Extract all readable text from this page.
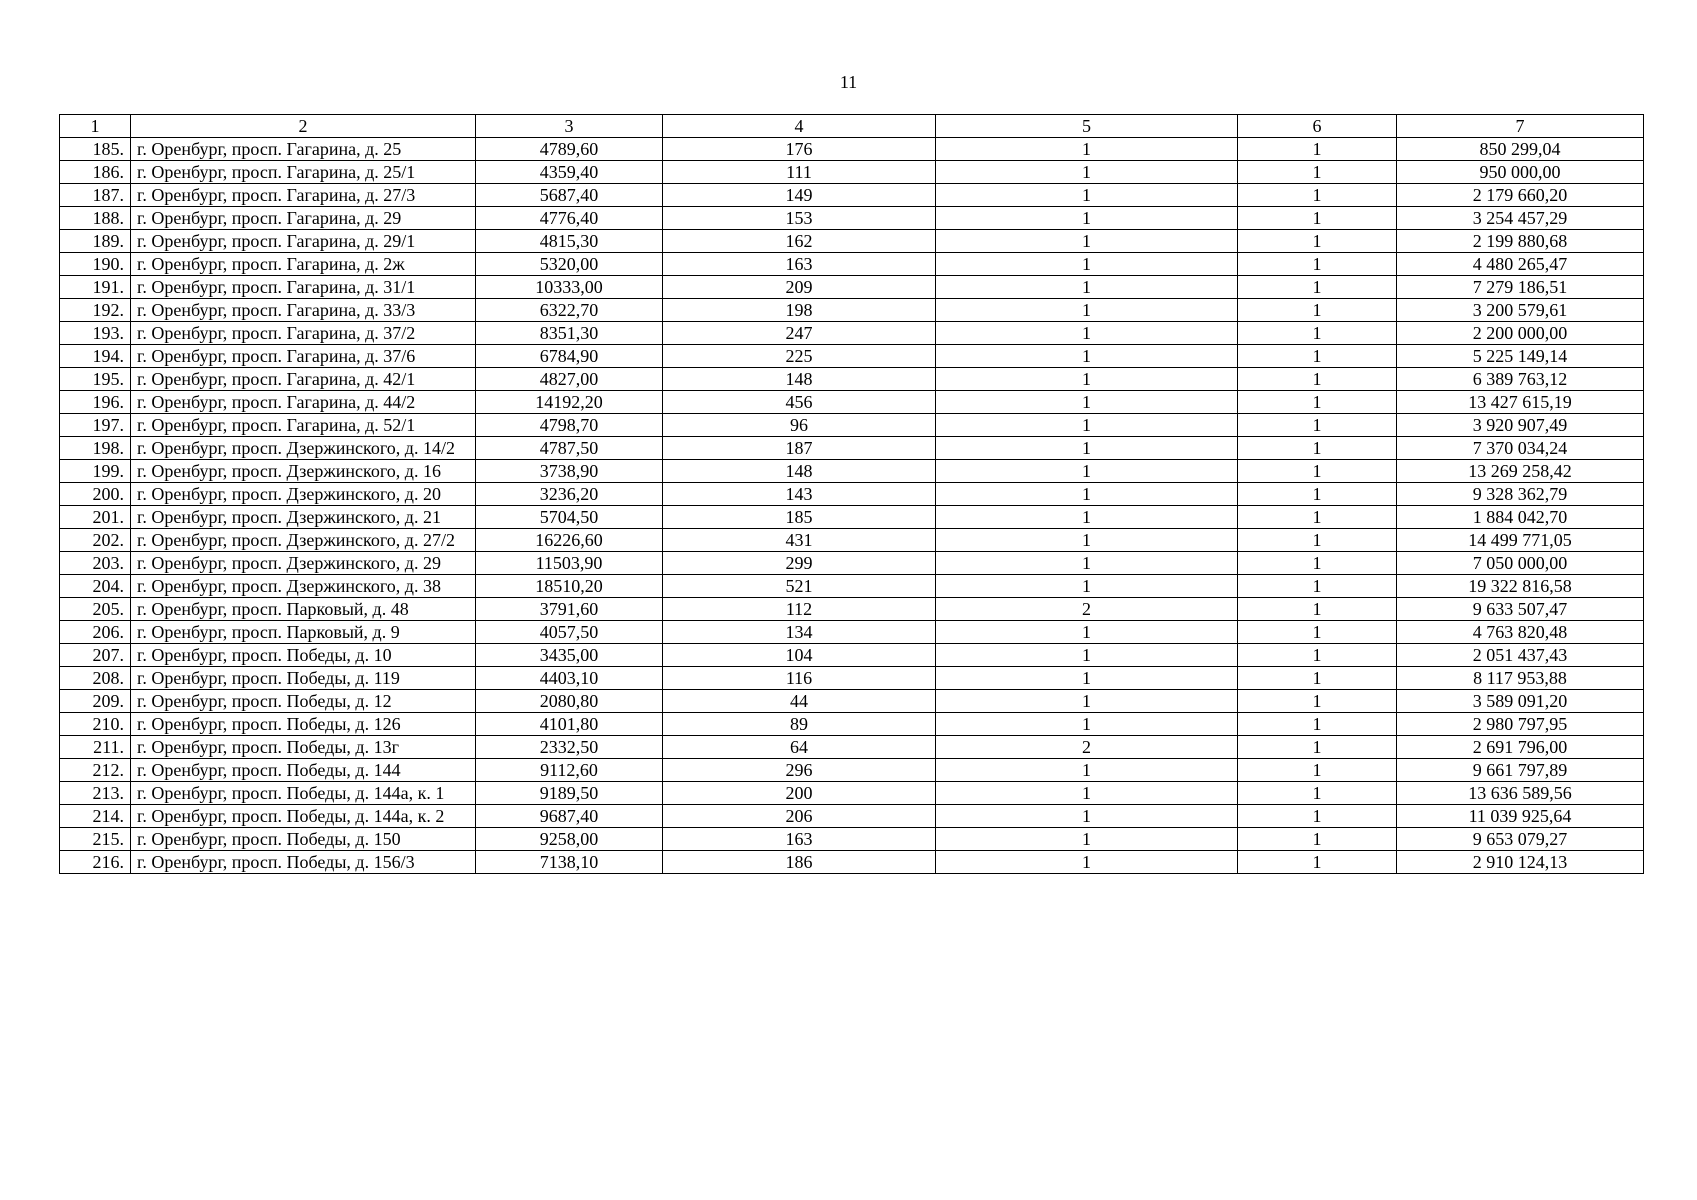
11
1	2	3	4	5	6	7
185.	г. Оренбург, просп. Гагарина, д. 25	4789,60	176	1	1	850 299,04
186.	г. Оренбург, просп. Гагарина, д. 25/1	4359,40	111	1	1	950 000,00
187.	г. Оренбург, просп. Гагарина, д. 27/3	5687,40	149	1	1	2 179 660,20
188.	г. Оренбург, просп. Гагарина, д. 29	4776,40	153	1	1	3 254 457,29
189.	г. Оренбург, просп. Гагарина, д. 29/1	4815,30	162	1	1	2 199 880,68
190.	г. Оренбург, просп. Гагарина, д. 2ж	5320,00	163	1	1	4 480 265,47
191.	г. Оренбург, просп. Гагарина, д. 31/1	10333,00	209	1	1	7 279 186,51
192.	г. Оренбург, просп. Гагарина, д. 33/3	6322,70	198	1	1	3 200 579,61
193.	г. Оренбург, просп. Гагарина, д. 37/2	8351,30	247	1	1	2 200 000,00
194.	г. Оренбург, просп. Гагарина, д. 37/6	6784,90	225	1	1	5 225 149,14
195.	г. Оренбург, просп. Гагарина, д. 42/1	4827,00	148	1	1	6 389 763,12
196.	г. Оренбург, просп. Гагарина, д. 44/2	14192,20	456	1	1	13 427 615,19
197.	г. Оренбург, просп. Гагарина, д. 52/1	4798,70	96	1	1	3 920 907,49
198.	г. Оренбург, просп. Дзержинского, д. 14/2	4787,50	187	1	1	7 370 034,24
199.	г. Оренбург, просп. Дзержинского, д. 16	3738,90	148	1	1	13 269 258,42
200.	г. Оренбург, просп. Дзержинского, д. 20	3236,20	143	1	1	9 328 362,79
201.	г. Оренбург, просп. Дзержинского, д. 21	5704,50	185	1	1	1 884 042,70
202.	г. Оренбург, просп. Дзержинского, д. 27/2	16226,60	431	1	1	14 499 771,05
203.	г. Оренбург, просп. Дзержинского, д. 29	11503,90	299	1	1	7 050 000,00
204.	г. Оренбург, просп. Дзержинского, д. 38	18510,20	521	1	1	19 322 816,58
205.	г. Оренбург, просп. Парковый, д. 48	3791,60	112	2	1	9 633 507,47
206.	г. Оренбург, просп. Парковый, д. 9	4057,50	134	1	1	4 763 820,48
207.	г. Оренбург, просп. Победы, д. 10	3435,00	104	1	1	2 051 437,43
208.	г. Оренбург, просп. Победы, д. 119	4403,10	116	1	1	8 117 953,88
209.	г. Оренбург, просп. Победы, д. 12	2080,80	44	1	1	3 589 091,20
210.	г. Оренбург, просп. Победы, д. 126	4101,80	89	1	1	2 980 797,95
211.	г. Оренбург, просп. Победы, д. 13г	2332,50	64	2	1	2 691 796,00
212.	г. Оренбург, просп. Победы, д. 144	9112,60	296	1	1	9 661 797,89
213.	г. Оренбург, просп. Победы, д. 144а, к. 1	9189,50	200	1	1	13 636 589,56
214.	г. Оренбург, просп. Победы, д. 144а, к. 2	9687,40	206	1	1	11 039 925,64
215.	г. Оренбург, просп. Победы, д. 150	9258,00	163	1	1	9 653 079,27
216.	г. Оренбург, просп. Победы, д. 156/3	7138,10	186	1	1	2 910 124,13
